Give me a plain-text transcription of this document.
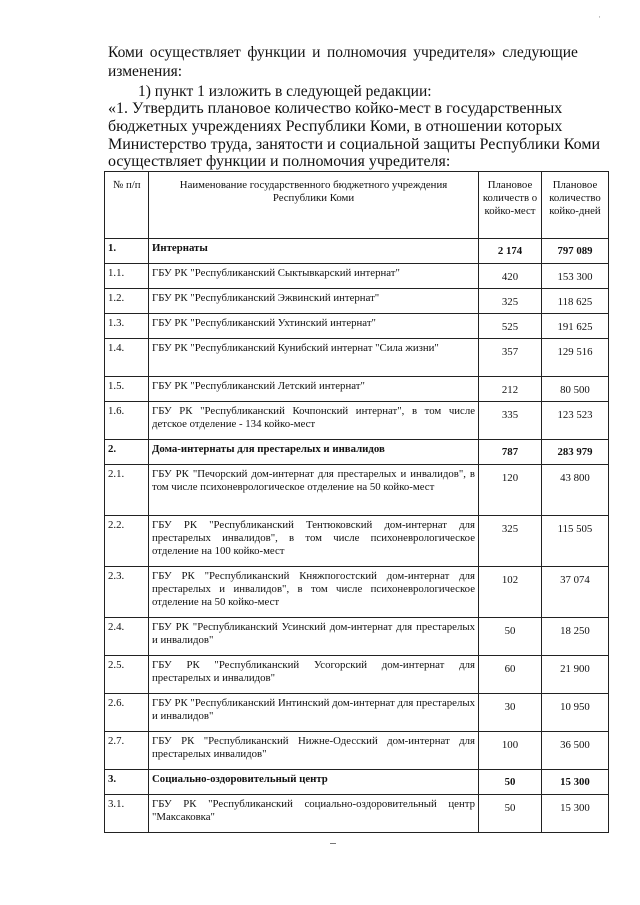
·
Коми осуществляет функции и полномочия учредителя» следующие
изменения:
1) пункт 1 изложить в следующей редакции:
«1. Утвердить плановое количество койко-мест в государственных
бюджетных учреждениях Республики Коми, в отношении которых
Министерство труда, занятости и социальной защиты Республики Коми
осуществляет функции и полномочия учредителя:
№ п/п	Наименование государственного бюджетного учреждения Республики Коми	Плановое количеств о койко-мест	Плановое количество койко-дней
1.	Интернаты	2 174	797 089
1.1.	ГБУ РК "Республиканский Сыктывкарский интернат"	420	153 300
1.2.	ГБУ РК "Республиканский Эжвинский интернат"	325	118 625
1.3.	ГБУ РК "Республиканский Ухтинский интернат"	525	191 625
1.4.	ГБУ РК "Республиканский Кунибский интернат "Сила жизни"	357	129 516
1.5.	ГБУ РК "Республиканский Летский интернат"	212	80 500
1.6.	ГБУ РК "Республиканский Кочпонский интернат", в том числе детское отделение - 134 койко-мест	335	123 523
2.	Дома-интернаты для престарелых и инвалидов	787	283 979
2.1.	ГБУ РК "Печорский дом-интернат для престарелых и инвалидов", в том числе психоневрологическое отделение на 50 койко-мест	120	43 800
2.2.	ГБУ РК "Республиканский Тентюковский дом-интернат для престарелых инвалидов", в том числе психоневрологическое отделение на 100 койко-мест	325	115 505
2.3.	ГБУ РК "Республиканский Княжпогостский дом-интернат для престарелых и инвалидов", в том числе психоневрологическое отделение на 50 койко-мест	102	37 074
2.4.	ГБУ РК "Республиканский Усинский дом-интернат для престарелых и инвалидов"	50	18 250
2.5.	ГБУ РК "Республиканский Усогорский дом-интернат для престарелых и инвалидов"	60	21 900
2.6.	ГБУ РК "Республиканский Интинский дом-интернат для престарелых и инвалидов"	30	10 950
2.7.	ГБУ РК "Республиканский Нижне-Одесский дом-интернат для престарелых инвалидов"	100	36 500
3.	Социально-оздоровительный центр	50	15 300
3.1.	ГБУ РК "Республиканский социально-оздоровительный центр "Максаковка"	50	15 300
